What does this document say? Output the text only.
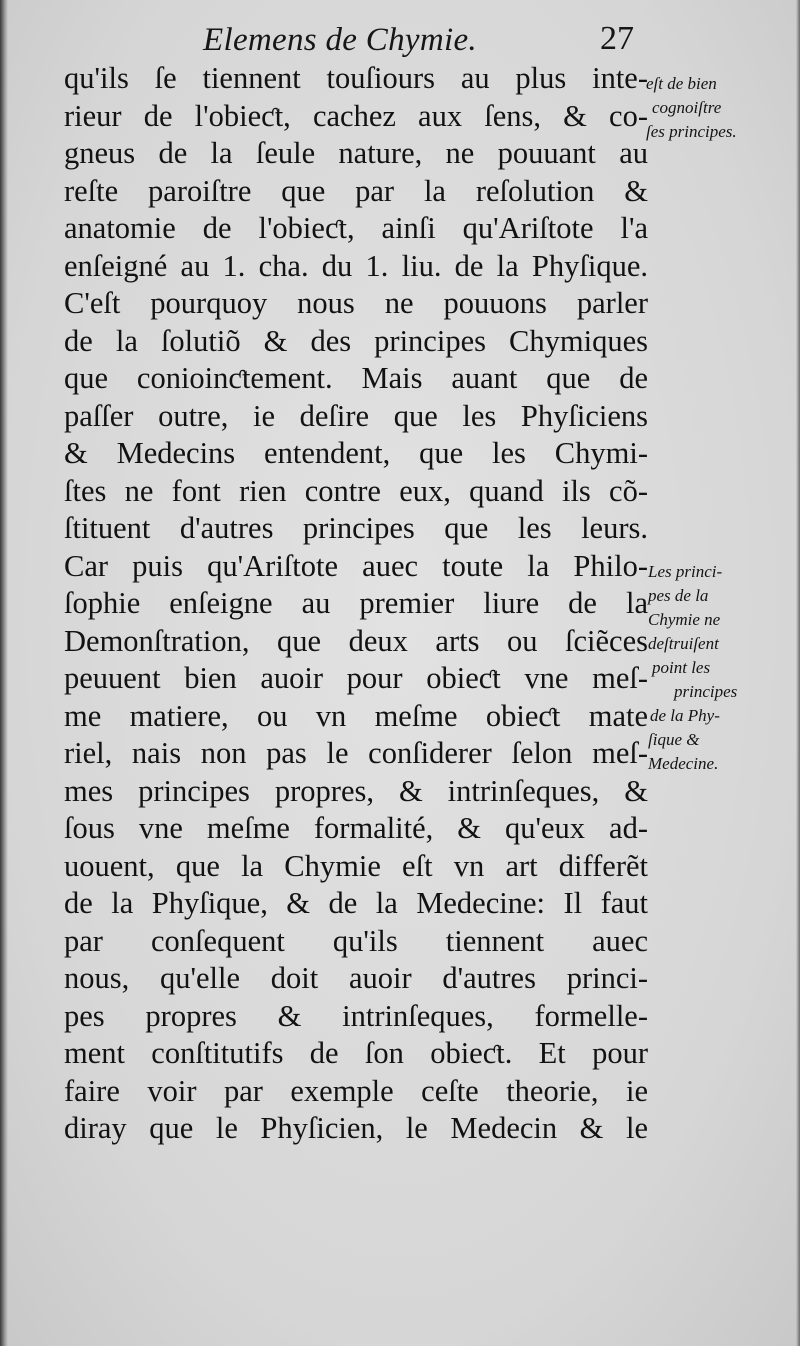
Elemens de Chymie.	27
qu'ils ſe tiennent touſiours au plus inte-
rieur de l'obieƈt, cachez aux ſens, & co-
gneus de la ſeule nature, ne pouuant au
reſte paroiſtre que par la reſolution &
anatomie de l'obieƈt, ainſi qu'Ariſtote l'a
enſeigné au 1. cha. du 1. liu. de la Phyſique.
C'eſt pourquoy nous ne pouuons parler
de la ſolutiõ & des principes Chymiques
que conioinƈtement. Mais auant que de
paſſer outre, ie deſire que les Phyſiciens
& Medecins entendent, que les Chymi-
ſtes ne font rien contre eux, quand ils cõ-
ſtituent d'autres principes que les leurs.
Car puis qu'Ariſtote auec toute la Philo-
ſophie enſeigne au premier liure de la
Demonſtration, que deux arts ou ſciẽces
peuuent bien auoir pour obieƈt vne meſ-
me matiere, ou vn meſme obieƈt mate
riel, nais non pas le conſiderer ſelon meſ-
mes principes propres, & intrinſeques, &
ſous vne meſme formalité, & qu'eux ad-
uouent, que la Chymie eſt vn art differẽt
de la Phyſique, & de la Medecine: Il faut
par conſequent qu'ils tiennent auec
nous, qu'elle doit auoir d'autres princi-
pes propres & intrinſeques, formelle-
ment conſtitutifs de ſon obieƈt. Et pour
faire voir par exemple ceſte theorie, ie
diray que le Phyſicien, le Medecin & le
eſt de bien
cognoiſtre
ſes principes.
Les princi-
pes de la
Chymie ne
deſtruiſent
point les
principes
de la Phy-
ſique &
Medecine.
